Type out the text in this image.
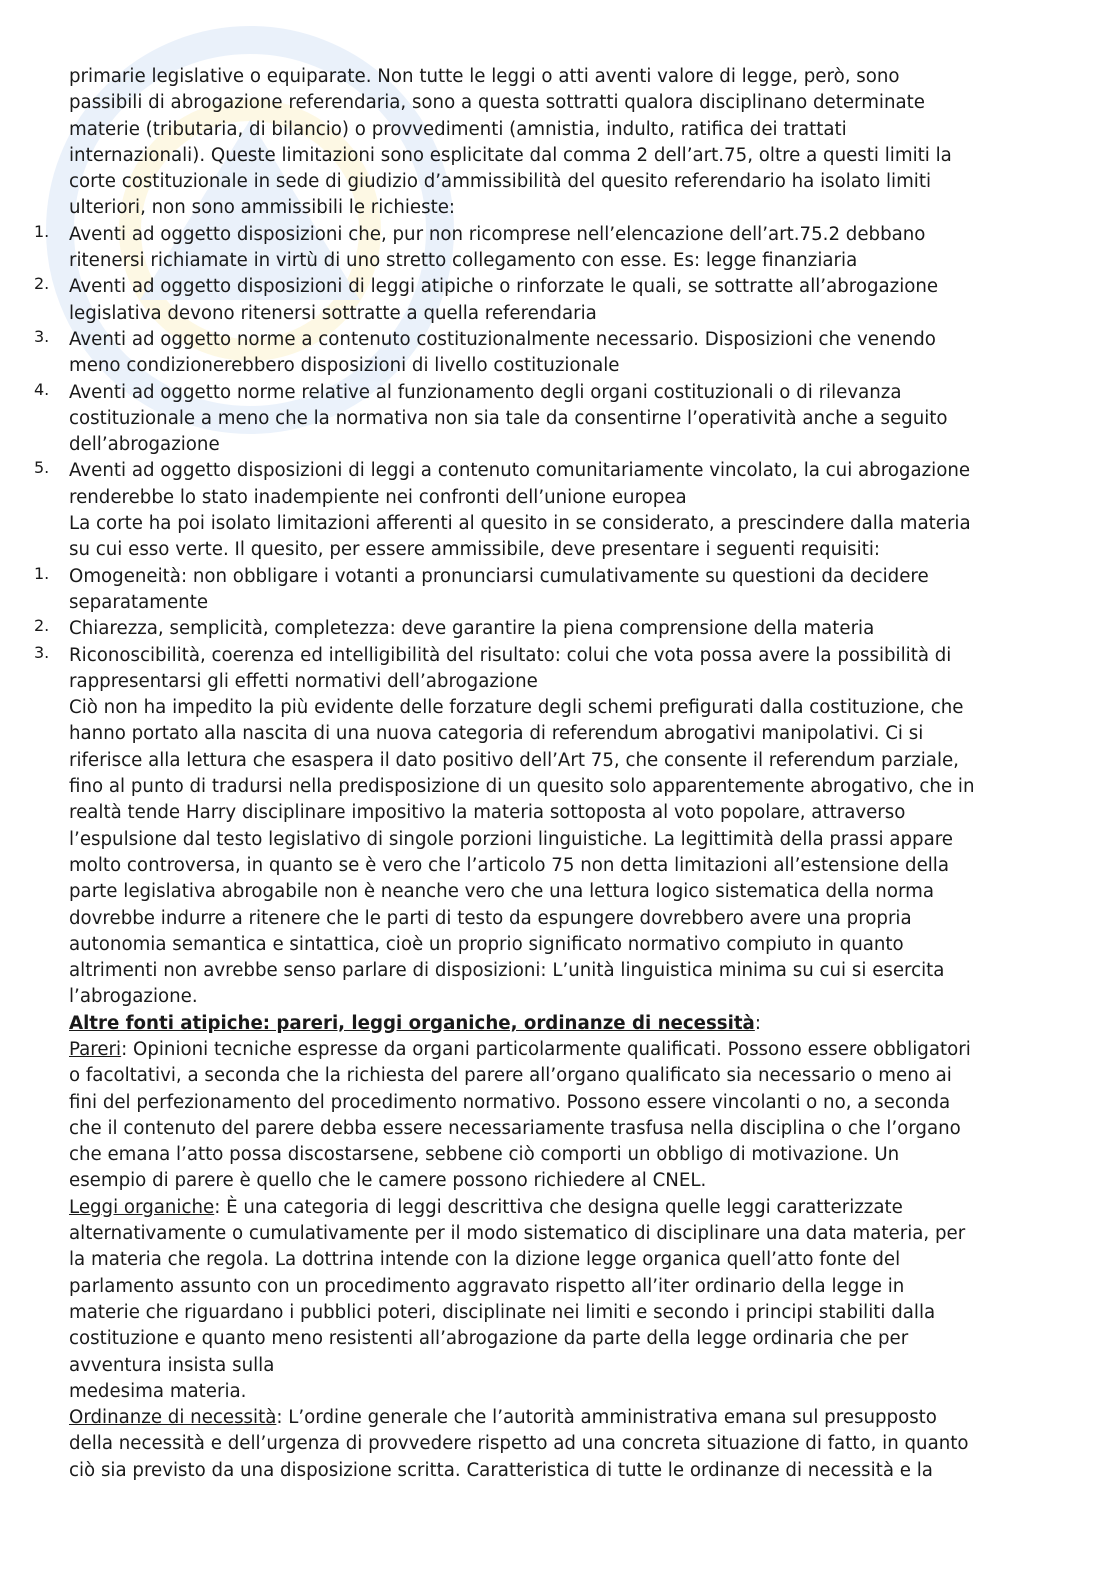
primarie legislative o equiparate. Non tutte le leggi o atti aventi valore di legge, però, sono

passibili di abrogazione referendaria, sono a questa sottratti qualora disciplinano determinate

materie (tributaria, di bilancio) o provvedimenti (amnistia, indulto, ratifica dei trattati

internazionali). Queste limitazioni sono esplicitate dal comma 2 dell’art.75, oltre a questi limiti la

corte costituzionale in sede di giudizio d’ammissibilità del quesito referendario ha isolato limiti

ulteriori, non sono ammissibili le richieste:

1.	Aventi ad oggetto disposizioni che, pur non ricomprese nell’elencazione dell’art.75.2 debbano

ritenersi richiamate in virtù di uno stretto collegamento con esse. Es: legge finanziaria

2.	Aventi ad oggetto disposizioni di leggi atipiche o rinforzate le quali, se sottratte all’abrogazione

legislativa devono ritenersi sottratte a quella referendaria

3.	Aventi ad oggetto norme a contenuto costituzionalmente necessario. Disposizioni che venendo

meno condizionerebbero disposizioni di livello costituzionale

4.	Aventi ad oggetto norme relative al funzionamento degli organi costituzionali o di rilevanza

costituzionale a meno che la normativa non sia tale da consentirne l’operatività anche a seguito

dell’abrogazione

5.	Aventi ad oggetto disposizioni di leggi a contenuto comunitariamente vincolato, la cui abrogazione

renderebbe lo stato inadempiente nei confronti dell’unione europea

La corte ha poi isolato limitazioni afferenti al quesito in se considerato, a prescindere dalla materia

su cui esso verte. Il quesito, per essere ammissibile, deve presentare i seguenti requisiti:

1.	Omogeneità: non obbligare i votanti a pronunciarsi cumulativamente su questioni da decidere

separatamente

2.	Chiarezza, semplicità, completezza: deve garantire la piena comprensione della materia

3.	Riconoscibilità, coerenza ed intelligibilità del risultato: colui che vota possa avere la possibilità di

rappresentarsi gli effetti normativi dell’abrogazione

Ciò non ha impedito la più evidente delle forzature degli schemi prefigurati dalla costituzione, che

hanno portato alla nascita di una nuova categoria di referendum abrogativi manipolativi. Ci si

riferisce alla lettura che esaspera il dato positivo dell’Art 75, che consente il referendum parziale,

fino al punto di tradursi nella predisposizione di un quesito solo apparentemente abrogativo, che in

realtà tende Harry disciplinare impositivo la materia sottoposta al voto popolare, attraverso

l’espulsione dal testo legislativo di singole porzioni linguistiche. La legittimità della prassi appare

molto controversa, in quanto se è vero che l’articolo 75 non detta limitazioni all’estensione della

parte legislativa abrogabile non è neanche vero che una lettura logico sistematica della norma

dovrebbe indurre a ritenere che le parti di testo da espungere dovrebbero avere una propria

autonomia semantica e sintattica, cioè un proprio significato normativo compiuto in quanto

altrimenti non avrebbe senso parlare di disposizioni: L’unità linguistica minima su cui si esercita

l’abrogazione.

Altre fonti atipiche: pareri, leggi organiche, ordinanze di necessità:

Pareri: Opinioni tecniche espresse da organi particolarmente qualificati. Possono essere obbligatori

o facoltativi, a seconda che la richiesta del parere all’organo qualificato sia necessario o meno ai

fini del perfezionamento del procedimento normativo. Possono essere vincolanti o no, a seconda

che il contenuto del parere debba essere necessariamente trasfusa nella disciplina o che l’organo

che emana l’atto possa discostarsene, sebbene ciò comporti un obbligo di motivazione. Un

esempio di parere è quello che le camere possono richiedere al CNEL.

Leggi organiche: È una categoria di leggi descrittiva che designa quelle leggi caratterizzate

alternativamente o cumulativamente per il modo sistematico di disciplinare una data materia, per

la materia che regola. La dottrina intende con la dizione legge organica quell’atto fonte del

parlamento assunto con un procedimento aggravato rispetto all’iter ordinario della legge in

materie che riguardano i pubblici poteri, disciplinate nei limiti e secondo i principi stabiliti dalla

costituzione e quanto meno resistenti all’abrogazione da parte della legge ordinaria che per

avventura insista sulla

medesima materia.

Ordinanze di necessità: L’ordine generale che l’autorità amministrativa emana sul presupposto

della necessità e dell’urgenza di provvedere rispetto ad una concreta situazione di fatto, in quanto

ciò sia previsto da una disposizione scritta. Caratteristica di tutte le ordinanze di necessità e la
